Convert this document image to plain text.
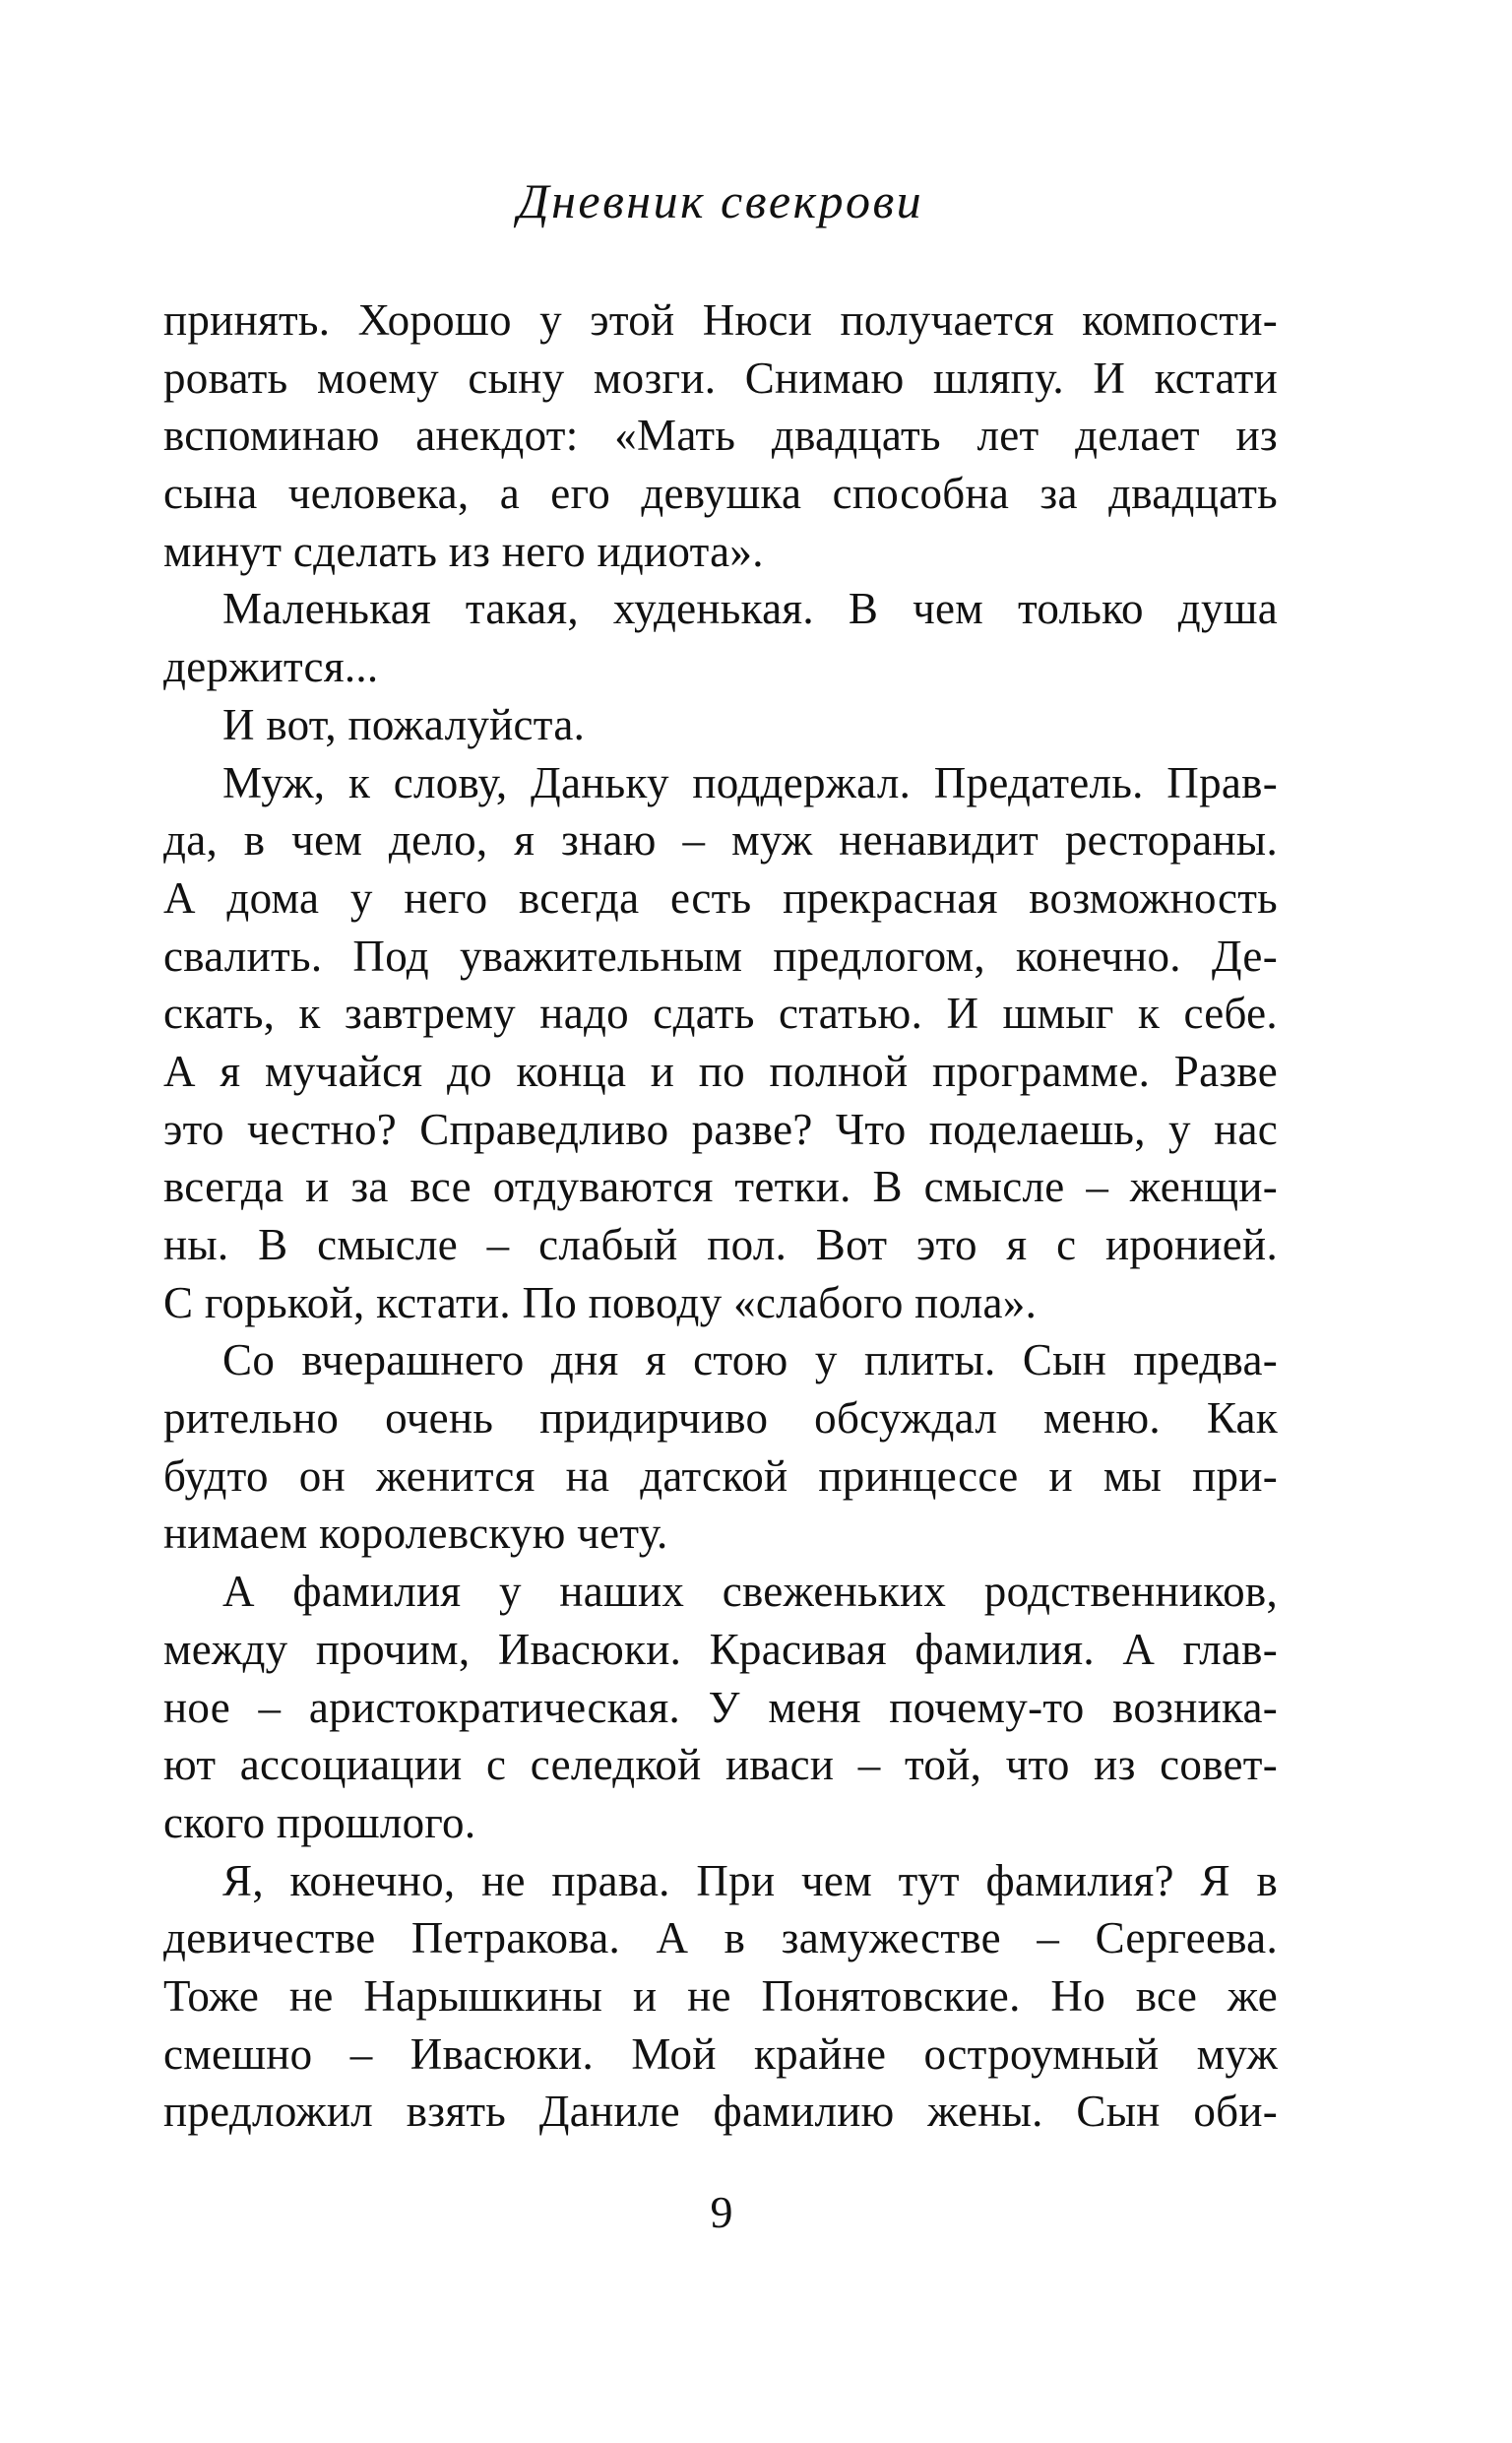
Дневник свекрови
принять. Хорошо у этой Нюси получается компости-
ровать моему сыну мозги. Снимаю шляпу. И кстати
вспоминаю анекдот: «Мать двадцать лет делает из
сына человека, а его девушка способна за двадцать
минут сделать из него идиота».
Маленькая такая, худенькая. В чем только душа
держится...
И вот, пожалуйста.
Муж, к слову, Даньку поддержал. Предатель. Прав-
да, в чем дело, я знаю – муж ненавидит рестораны.
А дома у него всегда есть прекрасная возможность
свалить. Под уважительным предлогом, конечно. Де-
скать, к завтрему надо сдать статью. И шмыг к себе.
А я мучайся до конца и по полной программе. Разве
это честно? Справедливо разве? Что поделаешь, у нас
всегда и за все отдуваются тетки. В смысле – женщи-
ны. В смысле – слабый пол. Вот это я с иронией.
С горькой, кстати. По поводу «слабого пола».
Со вчерашнего дня я стою у плиты. Сын предва-
рительно очень придирчиво обсуждал меню. Как
будто он женится на датской принцессе и мы при-
нимаем королевскую чету.
А фамилия у наших свеженьких родственников,
между прочим, Ивасюки. Красивая фамилия. А глав-
ное – аристократическая. У меня почему-то возника-
ют ассоциации с селедкой иваси – той, что из совет-
ского прошлого.
Я, конечно, не права. При чем тут фамилия? Я в
девичестве Петракова. А в замужестве – Сергеева.
Тоже не Нарышкины и не Понятовские. Но все же
смешно – Ивасюки. Мой крайне остроумный муж
предложил взять Даниле фамилию жены. Сын оби-
9
